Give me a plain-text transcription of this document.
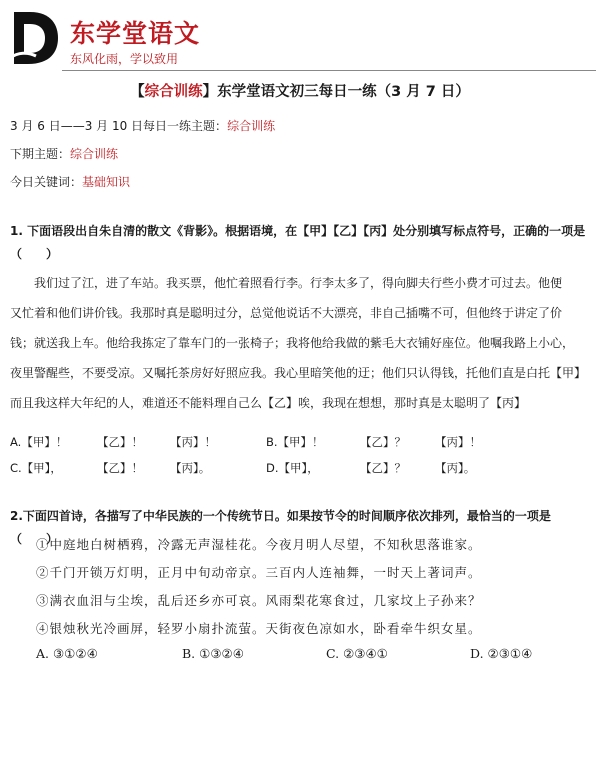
东学堂语文
东风化雨，学以致用
【综合训练】东学堂语文初三每日一练（3 月 7 日）
3 月 6 日——3 月 10 日每日一练主题：综合训练
下期主题：综合训练
今日关键词：基础知识
1. 下面语段出自朱自清的散文《背影》。根据语境，在【甲】【乙】【丙】处分别填写标点符号，正确的一项是（　　）
我们过了江，进了车站。我买票，他忙着照看行李。行李太多了，得向脚夫行些小费才可过去。他便
又忙着和他们讲价钱。我那时真是聪明过分，总觉他说话不大漂亮，非自己插嘴不可，但他终于讲定了价
钱；就送我上车。他给我拣定了靠车门的一张椅子；我将他给我做的紫毛大衣铺好座位。他嘱我路上小心，
夜里警醒些，不要受凉。又嘱托茶房好好照应我。我心里暗笑他的迂；他们只认得钱，托他们直是白托【甲】
而且我这样大年纪的人，难道还不能料理自己么【乙】唉，我现在想想，那时真是太聪明了【丙】
A.【甲】！	【乙】！ 【丙】！	B.【甲】！	【乙】？	【丙】！
C.【甲】，	【乙】！ 【丙】。	D.【甲】，	【乙】？	【丙】。
2.下面四首诗，各描写了中华民族的一个传统节日。如果按节令的时间顺序依次排列，最恰当的一项是（　　）
①中庭地白树栖鸦，冷露无声湿桂花。今夜月明人尽望，不知秋思落谁家。
②千门开锁万灯明，正月中旬动帝京。三百内人连袖舞，一时天上著词声。
③满衣血泪与尘埃，乱后还乡亦可哀。风雨梨花寒食过，几家坟上子孙来？
④银烛秋光冷画屏，轻罗小扇扑流萤。天街夜色凉如水，卧看牵牛织女星。
A. ③①②④	B. ①③②④	C. ②③④①	D. ②③①④
